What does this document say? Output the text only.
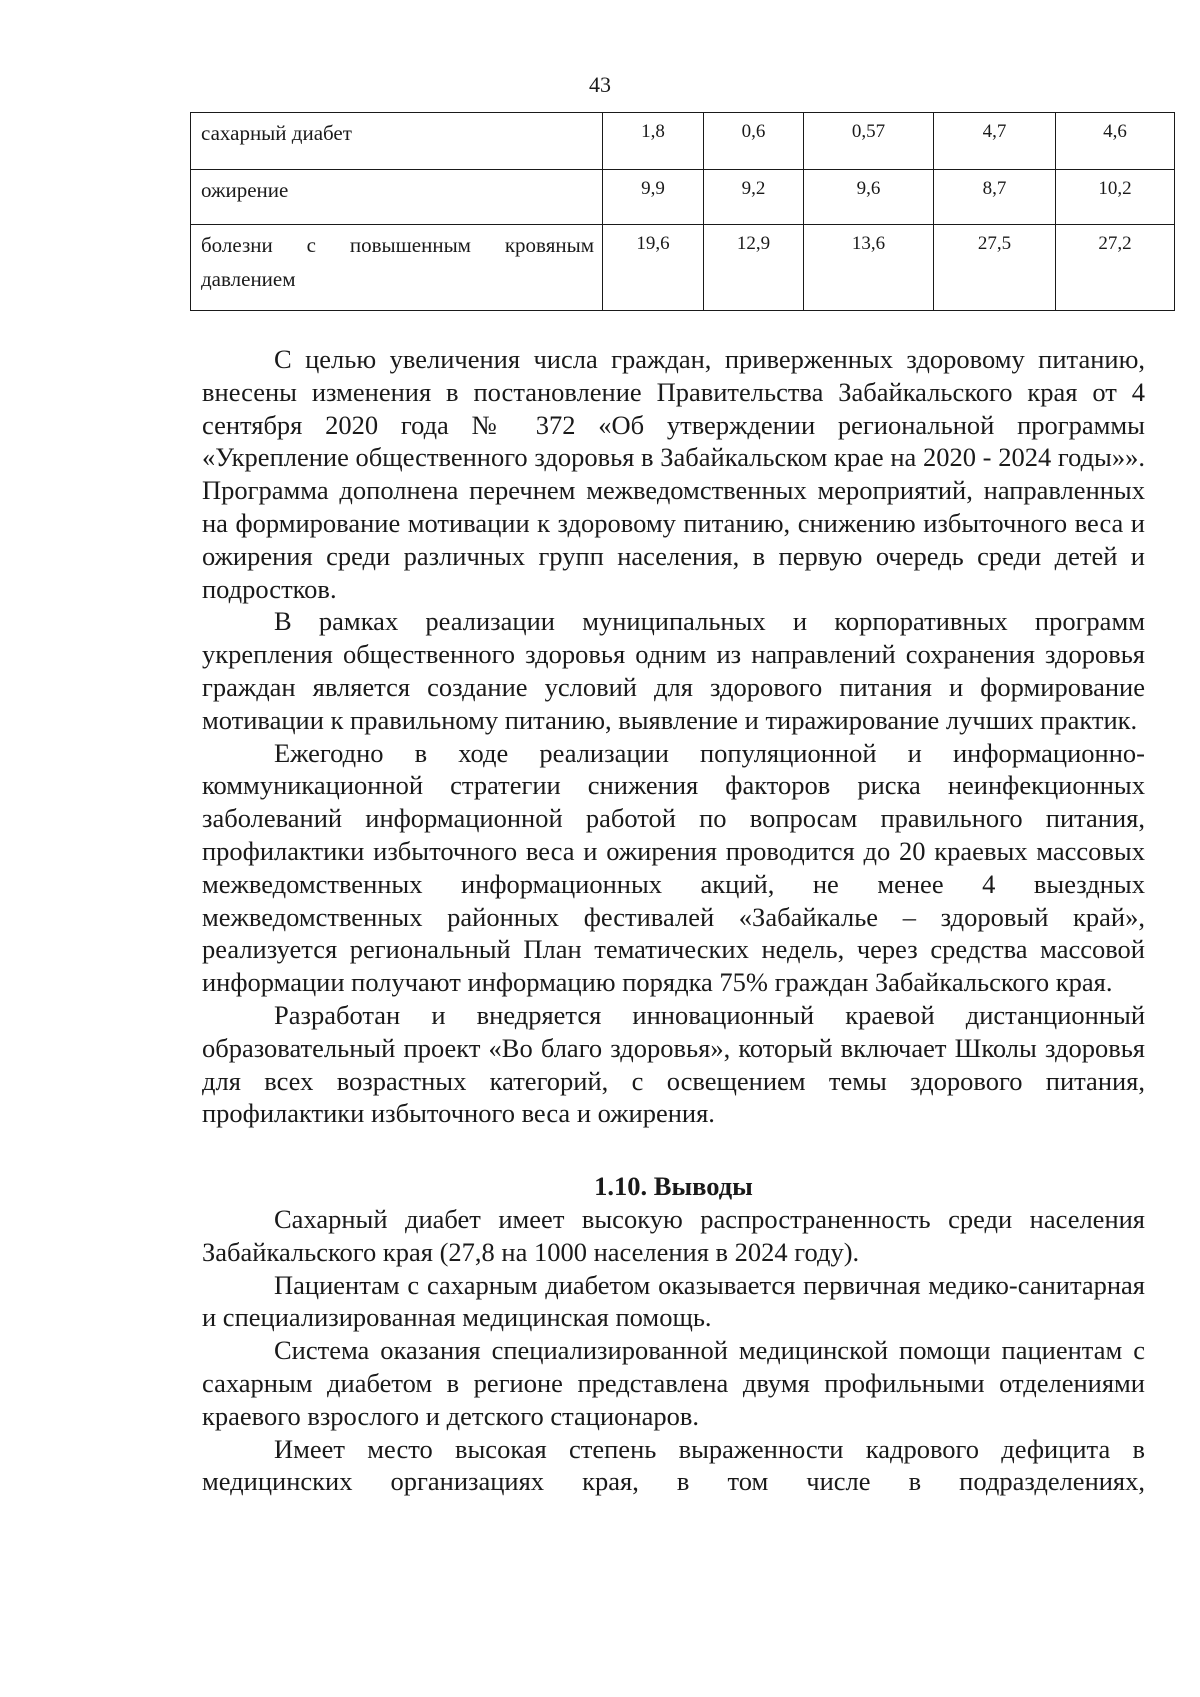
43
сахарный диабет	1,8	0,6	0,57	4,7	4,6
ожирение	9,9	9,2	9,6	8,7	10,2
болезни с повышенным кровяным давлением	19,6	12,9	13,6	27,5	27,2

С целью увеличения числа граждан, приверженных здоровому питанию, внесены изменения в постановление Правительства Забайкальского края от 4 сентября 2020 года № 372 «Об утверждении региональной программы «Укрепление общественного здоровья в Забайкальском крае на 2020 - 2024 годы»». Программа дополнена перечнем межведомственных мероприятий, направленных на формирование мотивации к здоровому питанию, снижению избыточного веса и ожирения среди различных групп населения, в первую очередь среди детей и подростков.

В рамках реализации муниципальных и корпоративных программ укрепления общественного здоровья одним из направлений сохранения здоровья граждан является создание условий для здорового питания и формирование мотивации к правильному питанию, выявление и тиражирование лучших практик.

Ежегодно в ходе реализации популяционной и информационно-коммуникационной стратегии снижения факторов риска неинфекционных заболеваний информационной работой по вопросам правильного питания, профилактики избыточного веса и ожирения проводится до 20 краевых массовых межведомственных информационных акций, не менее 4 выездных межведомственных районных фестивалей «Забайкалье – здоровый край», реализуется региональный План тематических недель, через средства массовой информации получают информацию порядка 75% граждан Забайкальского края.

Разработан и внедряется инновационный краевой дистанционный образовательный проект «Во благо здоровья», который включает Школы здоровья для всех возрастных категорий, с освещением темы здорового питания, профилактики избыточного веса и ожирения.

1.10. Выводы

Сахарный диабет имеет высокую распространенность среди населения Забайкальского края (27,8 на 1000 населения в 2024 году).

Пациентам с сахарным диабетом оказывается первичная медико-санитарная и специализированная медицинская помощь.

Система оказания специализированной медицинской помощи пациентам с сахарным диабетом в регионе представлена двумя профильными отделениями краевого взрослого и детского стационаров.

Имеет место высокая степень выраженности кадрового дефицита в медицинских организациях края, в том числе в подразделениях,
